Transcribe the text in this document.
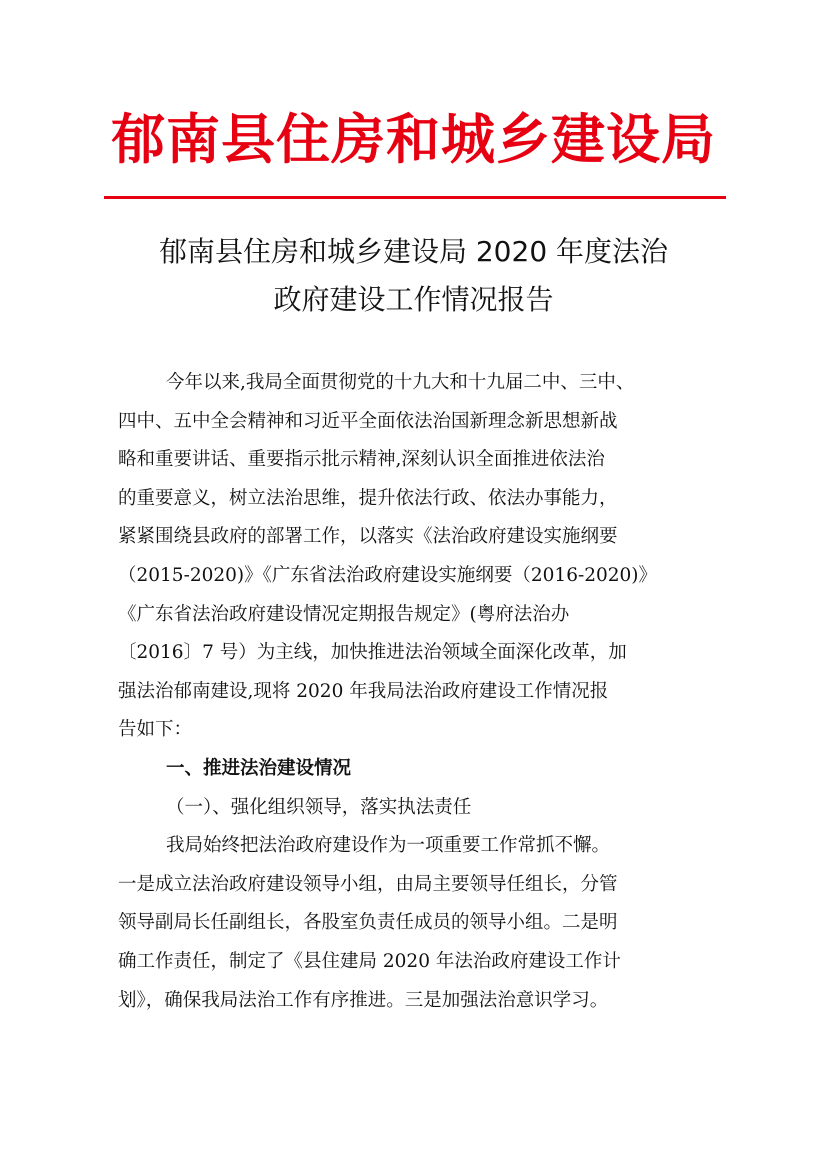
郁南县住房和城乡建设局
郁南县住房和城乡建设局 2020 年度法治
政府建设工作情况报告
今年以来,我局全面贯彻党的十九大和十九届二中、三中、
四中、五中全会精神和习近平全面依法治国新理念新思想新战
略和重要讲话、重要指示批示精神,深刻认识全面推进依法治
的重要意义，树立法治思维，提升依法行政、依法办事能力，
紧紧围绕县政府的部署工作，以落实《法治政府建设实施纲要
（2015-2020)》《广东省法治政府建设实施纲要（2016-2020)》
《广东省法治政府建设情况定期报告规定》(粤府法治办
〔2016〕7 号）为主线，加快推进法治领域全面深化改革，加
强法治郁南建设,现将 2020 年我局法治政府建设工作情况报
告如下：
一、推进法治建设情况
（一）、强化组织领导，落实执法责任
我局始终把法治政府建设作为一项重要工作常抓不懈。
一是成立法治政府建设领导小组，由局主要领导任组长，分管
领导副局长任副组长，各股室负责任成员的领导小组。二是明
确工作责任，制定了《县住建局 2020 年法治政府建设工作计
划》，确保我局法治工作有序推进。三是加强法治意识学习。
